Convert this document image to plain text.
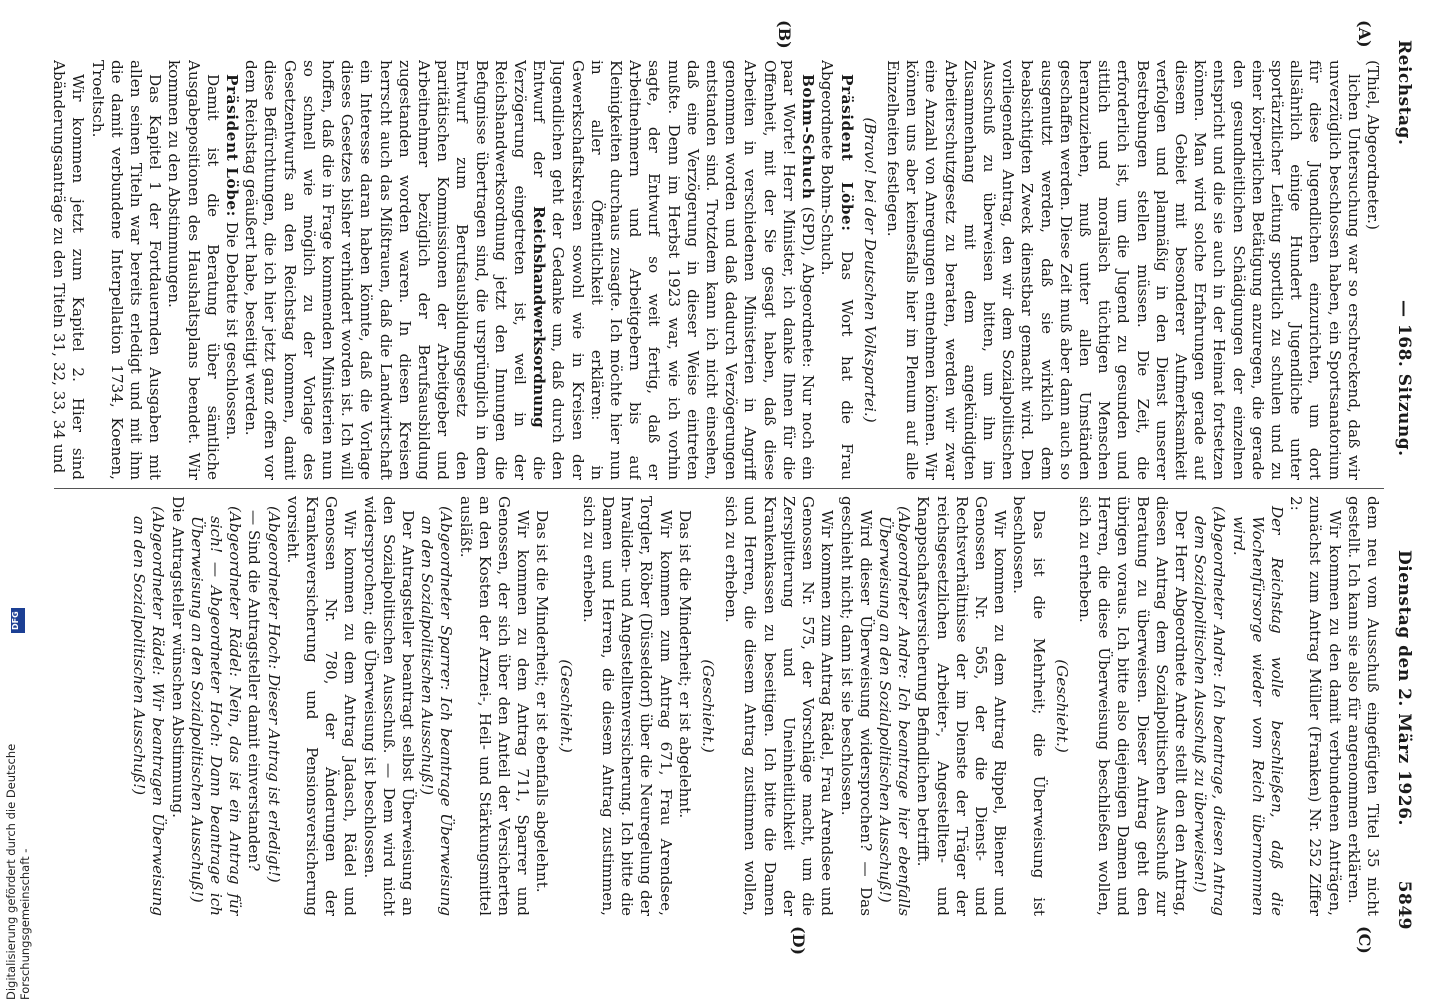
Reichstag.
— 168. Sitzung.
Dienstag den 2. März 1926.
5849
(A)
(B)
(C)
(D)

(Thiel, Abgeordneter.)

lichen Untersuchung war so erschreckend, daß wir unverzüglich beschlossen haben, ein Sportsanatorium für diese Jugendlichen einzurichten, um dort allsährlich einige Hundert Jugendliche unter sportärztlicher Leitung sportlich zu schulen und zu einer körperlichen Betätigung anzuregen, die gerade den gesundheitlichen Schädigungen der einzelnen entspricht und die sie auch in der Heimat fortsetzen können. Man wird solche Erfahrungen gerade auf diesem Gebiet mit besonderer Aufmerksamkeit verfolgen und planmäßig in den Dienst unserer Bestrebungen stellen müssen. Die Zeit, die erforderlich ist, um die Jugend zu gesunden und sittlich und moralisch tüchtigen Menschen heranzuziehen, muß unter allen Umständen geschaffen werden. Diese Zeit muß aber dann auch so ausgenutzt werden, daß sie wirklich dem beabsichtigten Zweck dienstbar gemacht wird. Den vorliegenden Antrag, den wir dem Sozialpolitischen Ausschuß zu überweisen bitten, um ihn im Zusammenhang mit dem angekündigten Arbeiterschutzgesetz zu beraten, werden wir zwar eine Anzahl von Anregungen entnehmen können. Wir können uns aber keinesfalls hier im Plenum auf alle Einzelheiten festlegen.

(Bravo! bei der Deutschen Volkspartei.)

Präsident Löbe: Das Wort hat die Frau Abgeordnete Bohm-Schuch.

Bohm-Schuch (SPD), Abgeordnete: Nur noch ein paar Worte! Herr Minister, ich danke Ihnen für die Offenheit, mit der Sie gesagt haben, daß diese Arbeiten in verschiedenen Ministerien in Angriff genommen worden und daß dadurch Verzögerungen entstanden sind. Trotzdem kann ich nicht einsehen, daß eine Verzögerung in dieser Weise eintreten mußte. Denn im Herbst 1923 war, wie ich vorhin sagte, der Entwurf so weit fertig, daß er Arbeitnehmern und Arbeitgebern bis auf Kleinigkeiten durchaus zusagte. Ich möchte hier nun in aller Öffentlichkeit erklären: in Gewerkschaftskreisen sowohl wie in Kreisen der Jugendlichen geht der Gedanke um, daß durch den Entwurf der Reichshandwerksordnung die Verzögerung eingetreten ist, weil in der Reichshandwerksordnung jetzt den Innungen die Befugnisse übertragen sind, die ursprünglich in dem Entwurf zum Berufsausbildungsgesetz den paritätischen Kommissionen der Arbeitgeber und Arbeitnehmer bezüglich der Berufsausbildung zugestanden worden waren. In diesen Kreisen herrscht auch das Mißtrauen, daß die Landwirtschaft ein Interesse daran haben könnte, daß die Vorlage dieses Gesetzes bisher verhindert worden ist. Ich will hoffen, daß die in Frage kommenden Ministerien nun so schnell wie möglich zu der Vorlage des Gesetzentwurfs an den Reichstag kommen, damit diese Befürchtungen, die ich hier jetzt ganz offen vor dem Reichstag geäußert habe, beseitigt werden.

Präsident Löbe: Die Debatte ist geschlossen.

Damit ist die Beratung über sämtliche Ausgabepositionen des Haushaltsplans beendet. Wir kommen zu den Abstimmungen.

Das Kapitel 1 der Fortdauernden Ausgaben mit allen seinen Titeln war bereits erledigt und mit ihm die damit verbundene Interpellation 1734, Koenen, Troeltsch.

Wir kommen jetzt zum Kapitel 2. Hier sind Abänderungsanträge zu den Titeln 31, 32, 33, 34 und

dem neu vom Ausschuß eingefügten Titel 35 nicht gestellt. Ich kann sie also für angenommen erklären.

Wir kommen zu den damit verbundenen Anträgen, zunächst zum Antrag Müller (Franken) Nr. 252 Ziffer 2:

Der Reichstag wolle beschließen, daß die Wochenfürsorge wieder vom Reich übernommen wird.

(Abgeordneter Andre: Ich beantrage, diesen Antrag dem Sozialpolitischen Ausschuß zu überweisen!)

Der Herr Abgeordnete Andre stellt den den Antrag, diesen Antrag dem Sozialpolitischen Ausschuß zur Beratung zu überweisen. Dieser Antrag geht den übrigen voraus. Ich bitte also diejenigen Damen und Herren, die diese Überweisung beschließen wollen, sich zu erheben.

(Geschieht.)

Das ist die Mehrheit; die Überweisung ist beschlossen.

Wir kommen zu dem Antrag Rippel, Biener und Genossen Nr. 565, der die Dienst- und Rechtsverhältnisse der im Dienste der Träger der reichsgesetzlichen Arbeiter-, Angestellten- und Knappschaftsversicherung Befindlichen betrifft.

(Abgeordneter Andre: Ich beantrage hier ebenfalls Überweisung an den Sozialpolitischen Ausschuß!)

Wird dieser Überweisung widersprochen? — Das geschieht nicht; dann ist sie beschlossen.

Wir kommen zum Antrag Rädel, Frau Arendsee und Genossen Nr. 575, der Vorschläge macht, um die Zersplitterung und Uneinheitlichkeit der Krankenkassen zu beseitigen. Ich bitte die Damen und Herren, die diesem Antrag zustimmen wollen, sich zu erheben.

(Geschieht.)

Das ist die Minderheit; er ist abgelehnt.

Wir kommen zum Antrag 671, Frau Arendsee, Torgler, Röber (Düsseldorf) über die Neuregelung der Invaliden- und Angestelltenversicherung. Ich bitte die Damen und Herren, die diesem Antrag zustimmen, sich zu erheben.

(Geschieht.)

Das ist die Minderheit; er ist ebenfalls abgelehnt.

Wir kommen zu dem Antrag 711, Sparrer und Genossen, der sich über den Anteil der Versicherten an den Kosten der Arznei-, Heil- und Stärkungsmittel ausläßt.

(Abgeordneter Sparrer: Ich beantrage Überweisung an den Sozialpolitischen Ausschuß!)

Der Antragsteller beantragt selbst Überweisung an den Sozialpolitischen Ausschuß. — Dem wird nicht widersprochen; die Überweisung ist beschlossen.

Wir kommen zu dem Antrag Jadasch, Rädel und Genossen Nr. 780, der Änderungen der Krankenversicherung und Pensionsversicherung vorsieht.

(Abgeordneter Hoch: Dieser Antrag ist erledigt!)

— Sind die Antragsteller damit einverstanden?

(Abgeordneter Rädel: Nein, das ist ein Antrag für sich! — Abgeordneter Hoch: Dann beantrage ich Überweisung an den Sozialpolitischen Ausschuß!)

Die Antragsteller wünschen Abstimmung.

(Abgeordneter Rädel: Wir beantragen Überweisung an den Sozialpolitischen Ausschuß!)

Digitalisierung gefördert durch die Deutsche Forschungsgemeinschaft -
DFG
